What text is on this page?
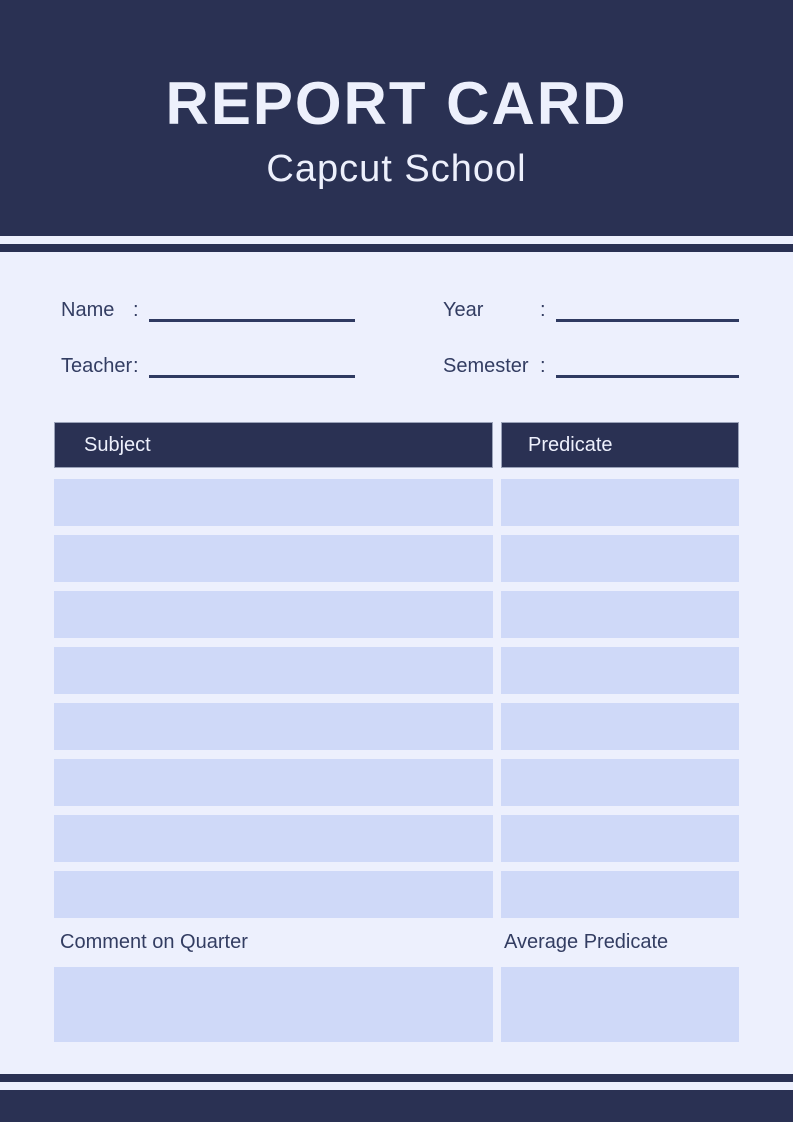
REPORT CARD
Capcut School
Name :	Year	:
Teacher :	Semester :
Subject	Predicate
Comment on Quarter	Average Predicate
